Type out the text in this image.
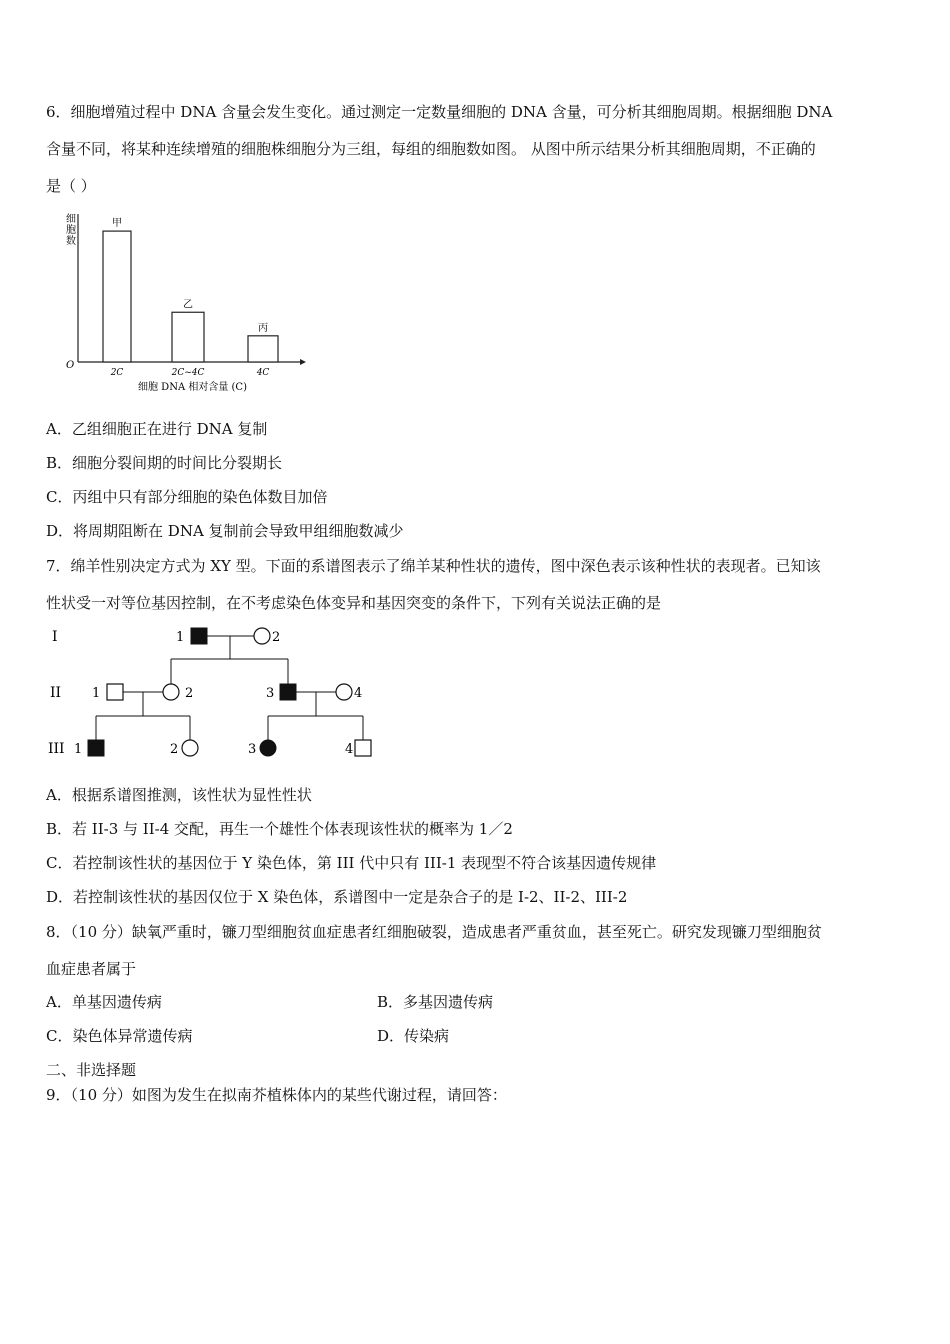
6．细胞增殖过程中 DNA 含量会发生变化。通过测定一定数量细胞的 DNA 含量，可分析其细胞周期。根据细胞 DNA
含量不同，将某种连续增殖的细胞株细胞分为三组，每组的细胞数如图。 从图中所示结果分析其细胞周期，不正确的
是（ ）
细
胞
数
O
甲
2C
乙
2C~4C
丙
4C
细胞 DNA 相对含量 (C)
A．乙组细胞正在进行 DNA 复制
B．细胞分裂间期的时间比分裂期长
C．丙组中只有部分细胞的染色体数目加倍
D．将周期阻断在 DNA 复制前会导致甲组细胞数减少
7．绵羊性别决定方式为 XY 型。下面的系谱图表示了绵羊某种性状的遗传，图中深色表示该种性状的表现者。已知该
性状受一对等位基因控制，在不考虑染色体变异和基因突变的条件下，下列有关说法正确的是
I
II
III
1	2
1	2	3	4
1	2	3	4
A．根据系谱图推测，该性状为显性性状
B．若 II-3 与 II-4 交配，再生一个雄性个体表现该性状的概率为 1／2
C．若控制该性状的基因位于 Y 染色体，第 III 代中只有 III-1 表现型不符合该基因遗传规律
D．若控制该性状的基因仅位于 X 染色体，系谱图中一定是杂合子的是 I-2、II-2、III-2
8．（10 分）缺氧严重时，镰刀型细胞贫血症患者红细胞破裂，造成患者严重贫血，甚至死亡。研究发现镰刀型细胞贫
血症患者属于
A．单基因遗传病	B．多基因遗传病
C．染色体异常遗传病	D．传染病
二、非选择题
9．（10 分）如图为发生在拟南芥植株体内的某些代谢过程，请回答：
